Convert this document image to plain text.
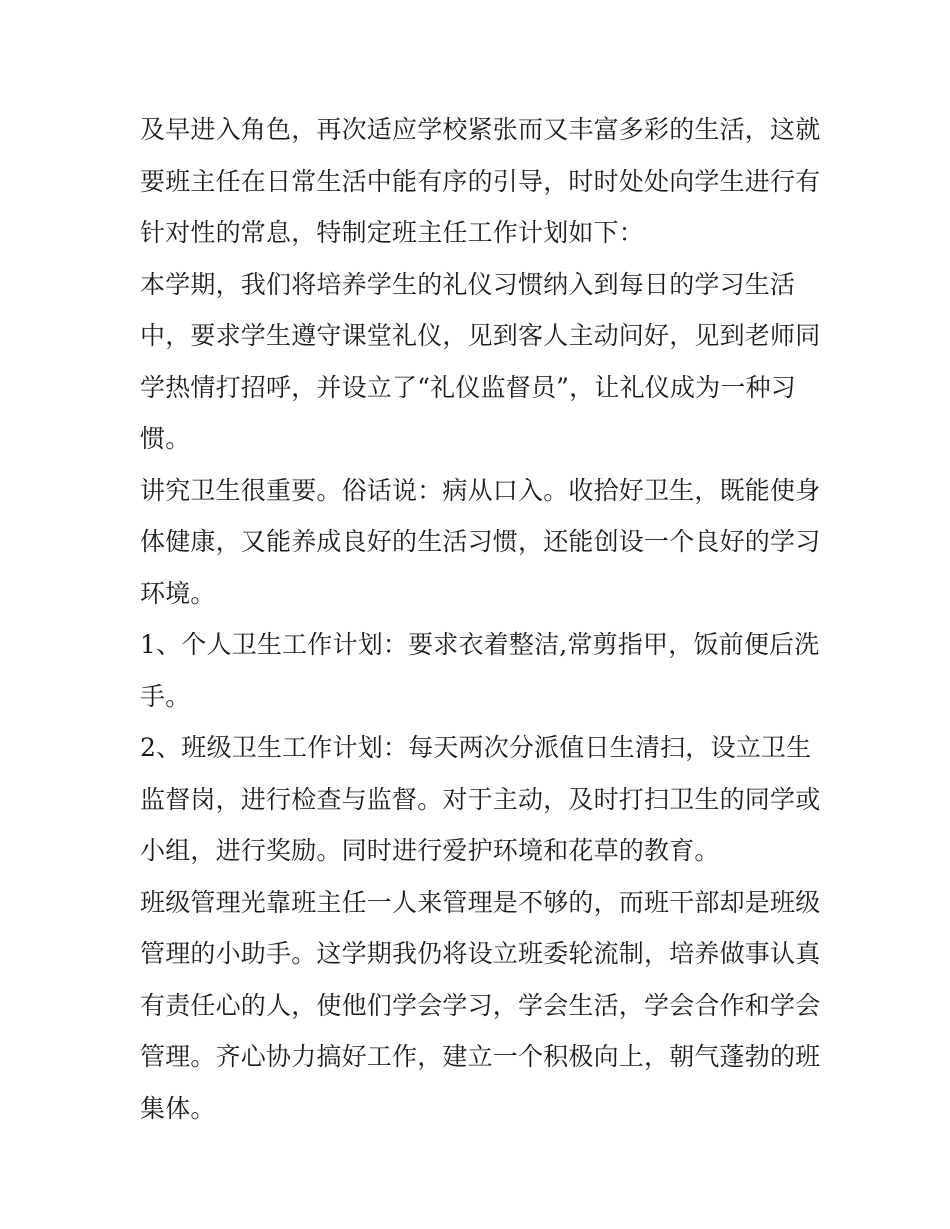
及早进入角色，再次适应学校紧张而又丰富多彩的生活，这就
要班主任在日常生活中能有序的引导，时时处处向学生进行有
针对性的常息，特制定班主任工作计划如下：

本学期，我们将培养学生的礼仪习惯纳入到每日的学习生活
中，要求学生遵守课堂礼仪，见到客人主动问好，见到老师同
学热情打招呼，并设立了“礼仪监督员”，让礼仪成为一种习
惯。

讲究卫生很重要。俗话说：病从口入。收拾好卫生，既能使身
体健康，又能养成良好的生活习惯，还能创设一个良好的学习
环境。

1、个人卫生工作计划：要求衣着整洁,常剪指甲，饭前便后洗
手。

2、班级卫生工作计划：每天两次分派值日生清扫，设立卫生
监督岗，进行检查与监督。对于主动，及时打扫卫生的同学或
小组，进行奖励。同时进行爱护环境和花草的教育。

班级管理光靠班主任一人来管理是不够的，而班干部却是班级
管理的小助手。这学期我仍将设立班委轮流制，培养做事认真
有责任心的人，使他们学会学习，学会生活，学会合作和学会
管理。齐心协力搞好工作，建立一个积极向上，朝气蓬勃的班
集体。
